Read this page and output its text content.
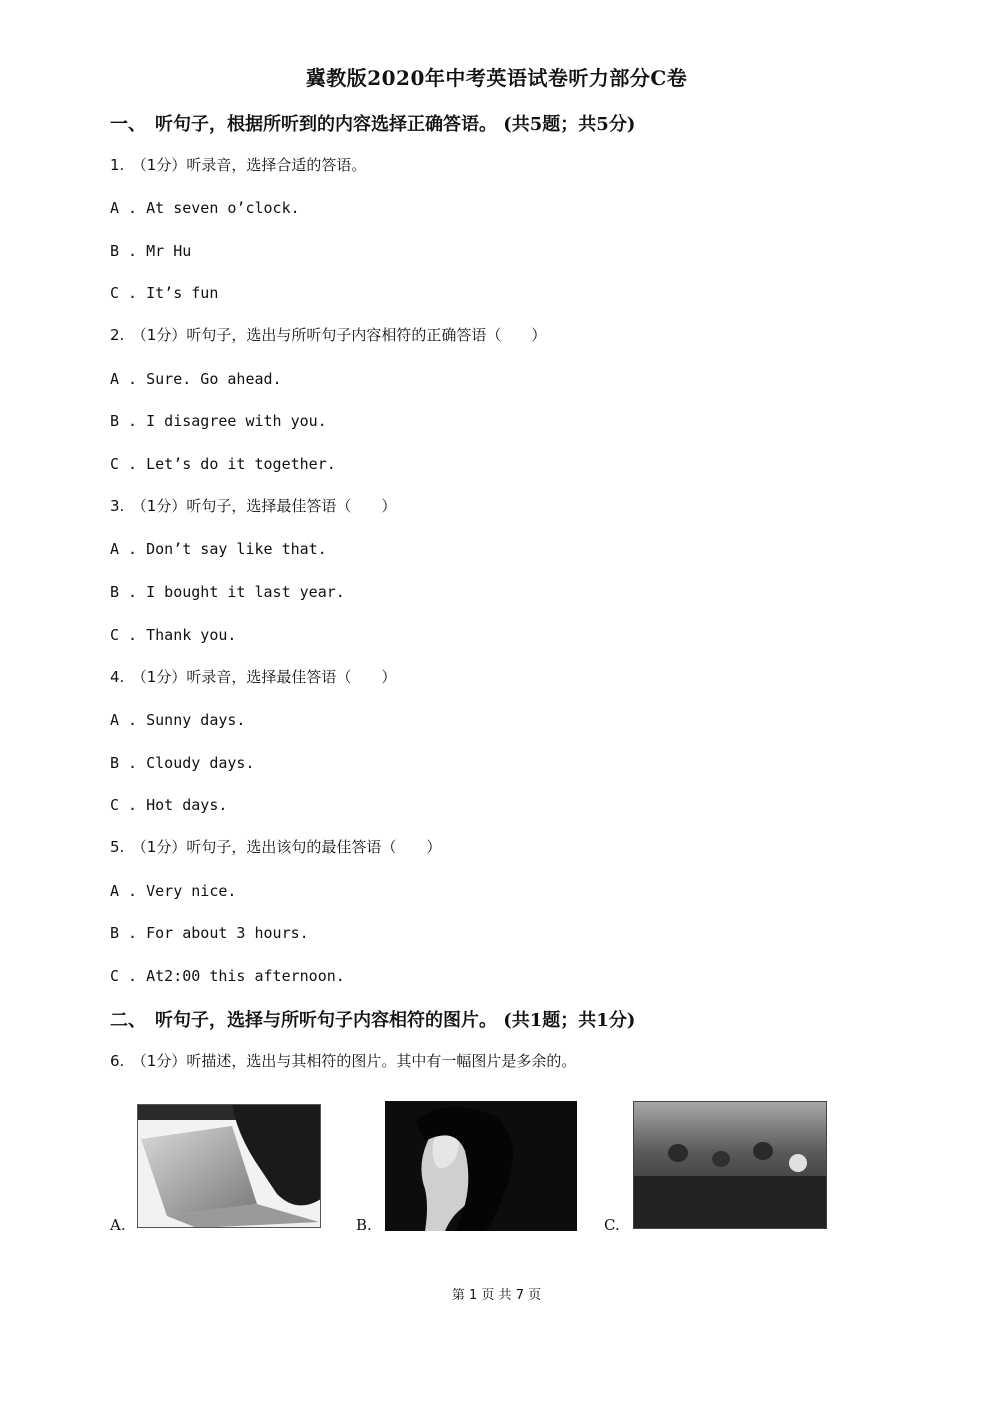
冀教版2020年中考英语试卷听力部分C卷
一、　听句子，根据所听到的内容选择正确答语。 (共5题；共5分)
1.　（1分）听录音，选择合适的答语。
A . At seven o’clock.
B . Mr Hu
C . It’s fun
2.　（1分）听句子，选出与所听句子内容相符的正确答语（　　）
A . Sure. Go ahead.
B . I disagree with you.
C . Let’s do it together.
3.　（1分）听句子，选择最佳答语（　　）
A . Don’t say like that.
B . I bought it last year.
C . Thank you.
4.　（1分）听录音，选择最佳答语（　　）
A . Sunny days.
B . Cloudy days.
C . Hot days.
5.　（1分）听句子，选出该句的最佳答语（　　）
A . Very nice.
B . For about 3 hours.
C . At2:00 this afternoon.
二、　听句子，选择与所听句子内容相符的图片。 (共1题；共1分)
6.　（1分）听描述，选出与其相符的图片。其中有一幅图片是多余的。
A.	B.	C.
第 1 页 共 7 页
